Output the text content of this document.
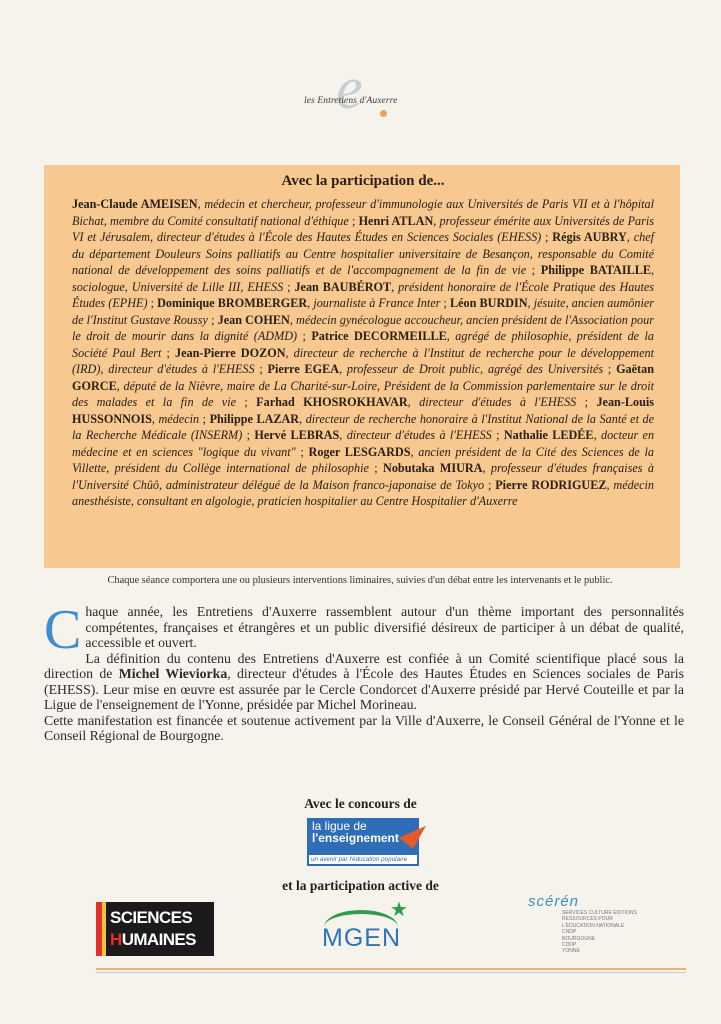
e
les Entretiens d'Auxerre
Avec la participation de...
Jean-Claude AMEISEN, médecin et chercheur, professeur d'immunologie aux Universités de Paris VII et à l'hôpital Bichat, membre du Comité consultatif national d'éthique ; Henri ATLAN, professeur émérite aux Universités de Paris VI et Jérusalem, directeur d'études à l'École des Hautes Études en Sciences Sociales (EHESS) ; Régis AUBRY, chef du département Douleurs Soins palliatifs au Centre hospitalier universitaire de Besançon, responsable du Comité national de développement des soins palliatifs et de l'accompagnement de la fin de vie ; Philippe BATAILLE, sociologue, Université de Lille III, EHESS ; Jean BAUBÉROT, président honoraire de l'École Pratique des Hautes Études (EPHE) ; Dominique BROMBERGER, journaliste à France Inter ; Léon BURDIN, jésuite, ancien aumônier de l'Institut Gustave Roussy ; Jean COHEN, médecin gynécologue accoucheur, ancien président de l'Association pour le droit de mourir dans la dignité (ADMD) ; Patrice DECORMEILLE, agrégé de philosophie, président de la Société Paul Bert ; Jean-Pierre DOZON, directeur de recherche à l'Institut de recherche pour le développement (IRD), directeur d'études à l'EHESS ; Pierre EGEA, professeur de Droit public, agrégé des Universités ; Gaëtan GORCE, député de la Nièvre, maire de La Charité-sur-Loire, Président de la Commission parlementaire sur le droit des malades et la fin de vie ; Farhad KHOSROKHAVAR, directeur d'études à l'EHESS ; Jean-Louis HUSSONNOIS, médecin ; Philippe LAZAR, directeur de recherche honoraire à l'Institut National de la Santé et de la Recherche Médicale (INSERM) ; Hervé LEBRAS, directeur d'études à l'EHESS ; Nathalie LEDÉE, docteur en médecine et en sciences "logique du vivant" ; Roger LESGARDS, ancien président de la Cité des Sciences de la Villette, président du Collège international de philosophie ; Nobutaka MIURA, professeur d'études françaises à l'Université Chûô, administrateur délégué de la Maison franco-japonaise de Tokyo ; Pierre RODRIGUEZ, médecin anesthésiste, consultant en algologie, praticien hospitalier au Centre Hospitalier d'Auxerre
Chaque séance comportera une ou plusieurs interventions liminaires, suivies d'un débat entre les intervenants et le public.

Chaque année, les Entretiens d'Auxerre rassemblent autour d'un thème important des personnalités compétentes, françaises et étrangères et un public diversifié désireux de participer à un débat de qualité, accessible et ouvert.

La définition du contenu des Entretiens d'Auxerre est confiée à un Comité scientifique placé sous la direction de Michel Wieviorka, directeur d'études à l'École des Hautes Études en Sciences sociales de Paris (EHESS). Leur mise en œuvre est assurée par le Cercle Condorcet d'Auxerre présidé par Hervé Couteille et par la Ligue de l'enseignement de l'Yonne, présidée par Michel Morineau.

Cette manifestation est financée et soutenue activement par la Ville d'Auxerre, le Conseil Général de l'Yonne et le Conseil Régional de Bourgogne.

Avec le concours de
la ligue de
l'enseignement
un avenir par l'éducation populaire
et la participation active de
SCIENCES
HUMAINES
★
MGEN
scérén
SERVICES CULTURE ÉDITIONS
RESSOURCES POUR
L'ÉDUCATION NATIONALE
CNDP
BOURGOGNE
CDDP
YONNE
